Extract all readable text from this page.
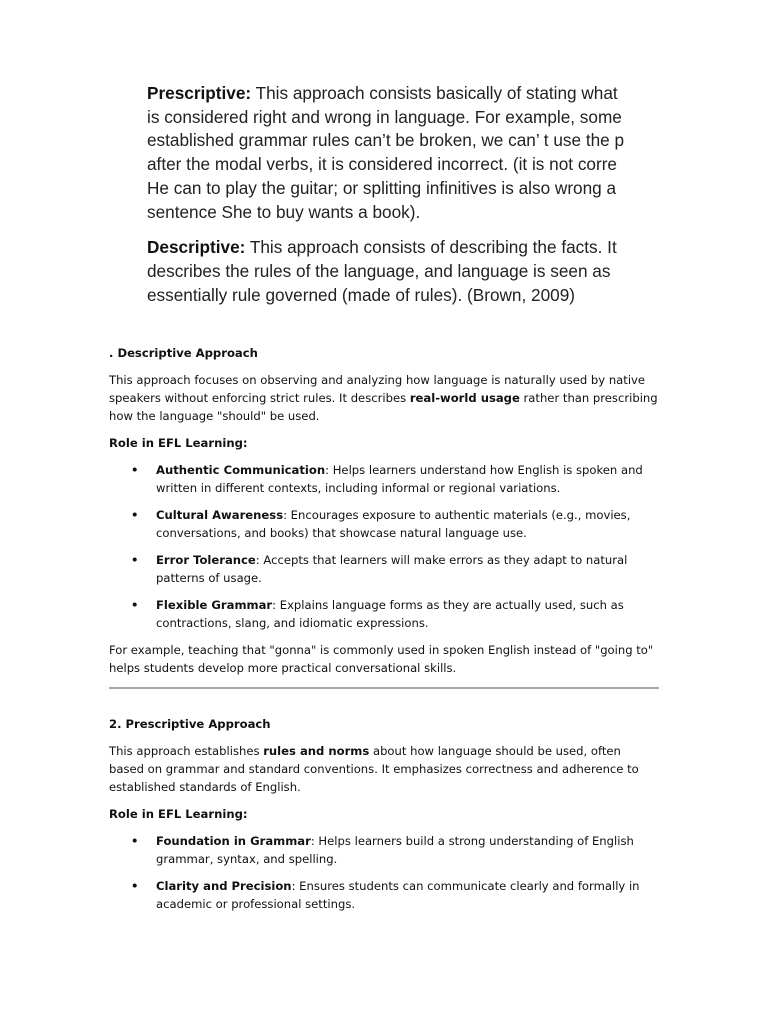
Prescriptive: This approach consists basically of stating what
is considered right and wrong in language. For example, some
established grammar rules can’t be broken, we can’ t use the p
after the modal verbs, it is considered incorrect. (it is not corre
He can to play the guitar; or splitting infinitives is also wrong a
sentence She to buy wants a book).

Descriptive: This approach consists of describing the facts. It
describes the rules of the language, and language is seen as
essentially rule governed (made of rules). (Brown, 2009)

. Descriptive Approach

This approach focuses on observing and analyzing how language is naturally used by native speakers without enforcing strict rules. It describes real-world usage rather than prescribing how the language "should" be used.

Role in EFL Learning:

• Authentic Communication: Helps learners understand how English is spoken and written in different contexts, including informal or regional variations.
• Cultural Awareness: Encourages exposure to authentic materials (e.g., movies, conversations, and books) that showcase natural language use.
• Error Tolerance: Accepts that learners will make errors as they adapt to natural patterns of usage.
• Flexible Grammar: Explains language forms as they are actually used, such as contractions, slang, and idiomatic expressions.

For example, teaching that "gonna" is commonly used in spoken English instead of "going to" helps students develop more practical conversational skills.

2. Prescriptive Approach

This approach establishes rules and norms about how language should be used, often based on grammar and standard conventions. It emphasizes correctness and adherence to established standards of English.

Role in EFL Learning:

• Foundation in Grammar: Helps learners build a strong understanding of English grammar, syntax, and spelling.
• Clarity and Precision: Ensures students can communicate clearly and formally in academic or professional settings.
